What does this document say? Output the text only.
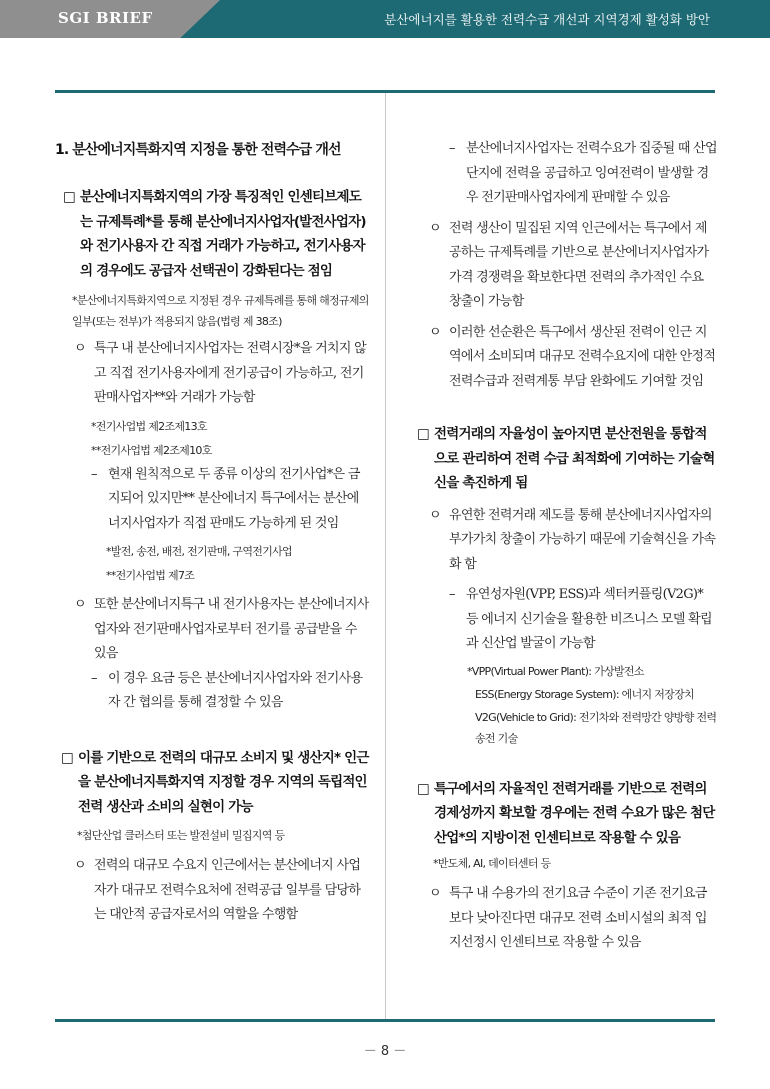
SGI BRIEF	분산에너지를 활용한 전력수급 개선과 지역경제 활성화 방안
1. 분산에너지특화지역 지정을 통한 전력수급 개선
□ 분산에너지특화지역의 가장 특징적인 인센티브제도는 규제특례*를 통해 분산에너지사업자(발전사업자)와 전기사용자 간 직접 거래가 가능하고, 전기사용자의 경우에도 공급자 선택권이 강화된다는 점임
*분산에너지특화지역으로 지정된 경우 규제특례를 통해 해정규제의 일부(또는 전부)가 적용되지 않음(법령 제 38조)
ㅇ 특구 내 분산에너지사업자는 전력시장*을 거치지 않고 직접 전기사용자에게 전기공급이 가능하고, 전기판매사업자**와 거래가 가능함
*전기사업법 제2조제13호
**전기사업법 제2조제10호
– 현재 원칙적으로 두 종류 이상의 전기사업*은 금지되어 있지만** 분산에너지 특구에서는 분산에너지사업자가 직접 판매도 가능하게 된 것임
*발전, 송전, 배전, 전기판매, 구역전기사업
**전기사업법 제7조
ㅇ 또한 분산에너지특구 내 전기사용자는 분산에너지사업자와 전기판매사업자로부터 전기를 공급받을 수 있음
– 이 경우 요금 등은 분산에너지사업자와 전기사용자 간 협의를 통해 결정할 수 있음
□ 이를 기반으로 전력의 대규모 소비지 및 생산지* 인근을 분산에너지특화지역 지정할 경우 지역의 독립적인 전력 생산과 소비의 실현이 가능
*첨단산업 클러스터 또는 발전설비 밀집지역 등
ㅇ 전력의 대규모 수요지 인근에서는 분산에너지 사업자가 대규모 전력수요처에 전력공급 일부를 담당하는 대안적 공급자로서의 역할을 수행함
– 분산에너지사업자는 전력수요가 집중될 때 산업단지에 전력을 공급하고 잉여전력이 발생할 경우 전기판매사업자에게 판매할 수 있음
ㅇ 전력 생산이 밀집된 지역 인근에서는 특구에서 제공하는 규제특례를 기반으로 분산에너지사업자가 가격 경쟁력을 확보한다면 전력의 추가적인 수요 창출이 가능함
ㅇ 이러한 선순환은 특구에서 생산된 전력이 인근 지역에서 소비되며 대규모 전력수요지에 대한 안정적 전력수급과 전력계통 부담 완화에도 기여할 것임
□ 전력거래의 자율성이 높아지면 분산전원을 통합적으로 관리하여 전력 수급 최적화에 기여하는 기술혁신을 촉진하게 됨
ㅇ 유연한 전력거래 제도를 통해 분산에너지사업자의 부가가치 창출이 가능하기 때문에 기술혁신을 가속화 함
– 유연성자원(VPP, ESS)과 섹터커플링(V2G)* 등 에너지 신기술을 활용한 비즈니스 모델 확립과 신산업 발굴이 가능함
*VPP(Virtual Power Plant): 가상발전소
ESS(Energy Storage System): 에너지 저장장치
V2G(Vehicle to Grid): 전기차와 전력망간 양방향 전력 송전 기술
□ 특구에서의 자율적인 전력거래를 기반으로 전력의 경제성까지 확보할 경우에는 전력 수요가 많은 첨단산업*의 지방이전 인센티브로 작용할 수 있음
*반도체, AI, 데이터센터 등
ㅇ 특구 내 수용가의 전기요금 수준이 기존 전기요금보다 낮아진다면 대규모 전력 소비시설의 최적 입지선정시 인센티브로 작용할 수 있음
－ 8 －
